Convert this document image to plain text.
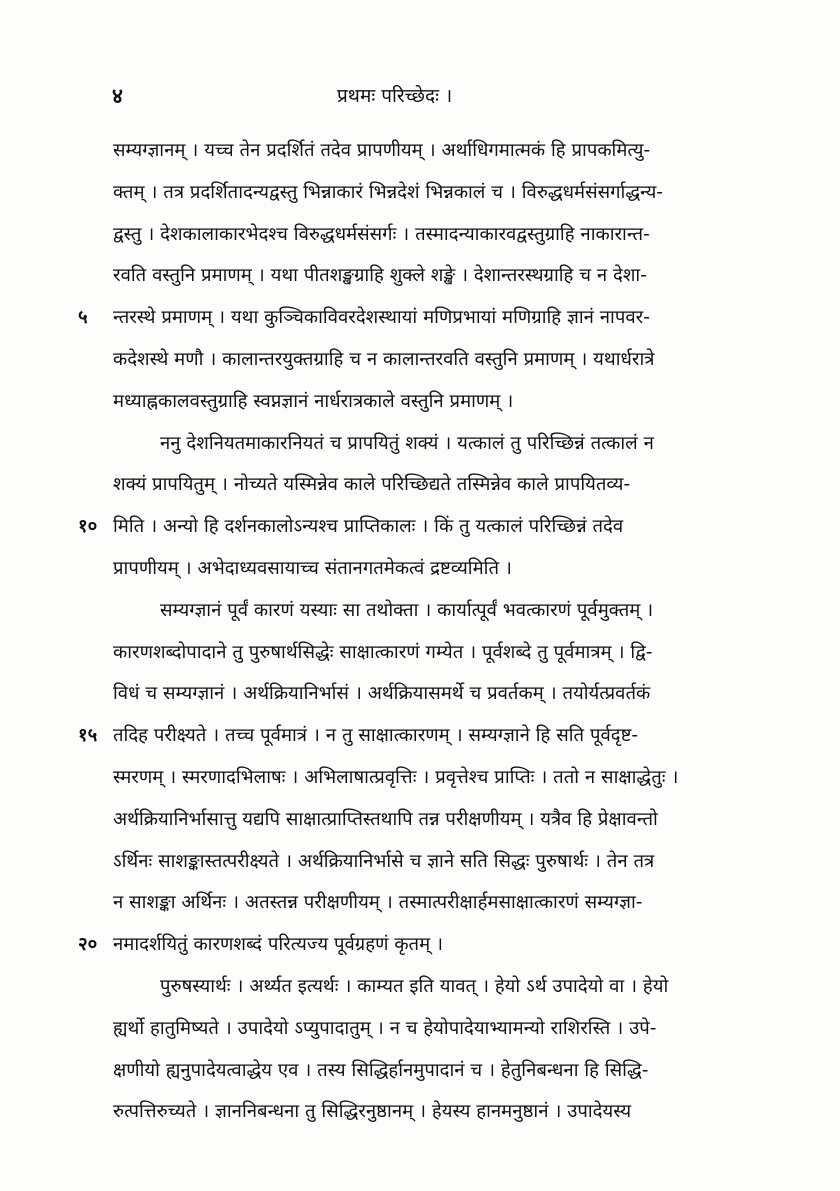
४	प्रथमः परिच्छेदः ।
सम्यग्ज्ञानम् । यच्च तेन प्रदर्शितं तदेव प्रापणीयम् । अर्थाधिगमात्मकं हि प्रापकमित्यु-
क्तम् । तत्र प्रदर्शितादन्यद्वस्तु भिन्नाकारं भिन्नदेशं भिन्नकालं च । विरुद्धधर्मसंसर्गाद्धन्य-
द्वस्तु । देशकालाकारभेदश्च विरुद्धधर्मसंसर्गः । तस्मादन्याकारवद्वस्तुग्राहि नाकारान्त-
रवति वस्तुनि प्रमाणम् । यथा पीतशङ्खग्राहि शुक्ले शङ्खे । देशान्तरस्थग्राहि च न देशा-
५	न्तरस्थे प्रमाणम् । यथा कुञ्चिकाविवरदेशस्थायां मणिप्रभायां मणिग्राहि ज्ञानं नापवर-
कदेशस्थे मणौ । कालान्तरयुक्तग्राहि च न कालान्तरवति वस्तुनि प्रमाणम् । यथार्धरात्रे
मध्याह्नकालवस्तुग्राहि स्वप्नज्ञानं नार्धरात्रकाले वस्तुनि प्रमाणम् ।
ननु देशनियतमाकारनियतं च प्रापयितुं शक्यं । यत्कालं तु परिच्छिन्नं तत्कालं न
शक्यं प्रापयितुम् । नोच्यते यस्मिन्नेव काले परिच्छिद्यते तस्मिन्नेव काले प्रापयितव्य-
१० मिति । अन्यो हि दर्शनकालोऽन्यश्च प्राप्तिकालः । किं तु यत्कालं परिच्छिन्नं तदेव
प्रापणीयम् । अभेदाध्यवसायाच्च संतानगतमेकत्वं द्रष्टव्यमिति ।
सम्यग्ज्ञानं पूर्वं कारणं यस्याः सा तथोक्ता । कार्यात्पूर्वं भवत्कारणं पूर्वमुक्तम् ।
कारणशब्दोपादाने तु पुरुषार्थसिद्धेः साक्षात्कारणं गम्येत । पूर्वशब्दे तु पूर्वमात्रम् । द्वि-
विधं च सम्यग्ज्ञानं । अर्थक्रियानिर्भासं । अर्थक्रियासमर्थे च प्रवर्तकम् । तयोर्यत्प्रवर्तकं
१५ तदिह परीक्ष्यते । तच्च पूर्वमात्रं । न तु साक्षात्कारणम् । सम्यग्ज्ञाने हि सति पूर्वदृष्ट-
स्मरणम् । स्मरणादभिलाषः । अभिलाषात्प्रवृत्तिः । प्रवृत्तेश्च प्राप्तिः । ततो न साक्षाद्धेतुः ।
अर्थक्रियानिर्भासात्तु यद्यपि साक्षात्प्राप्तिस्तथापि तन्न परीक्षणीयम् । यत्रैव हि प्रेक्षावन्तो
ऽर्थिनः साशङ्कास्तत्परीक्ष्यते । अर्थक्रियानिर्भासे च ज्ञाने सति सिद्धः पुरुषार्थः । तेन तत्र
न साशङ्का अर्थिनः । अतस्तन्न परीक्षणीयम् । तस्मात्परीक्षार्हमसाक्षात्कारणं सम्यग्ज्ञा-
२० नमादर्शयितुं कारणशब्दं परित्यज्य पूर्वग्रहणं कृतम् ।
पुरुषस्यार्थः । अर्थ्यत इत्यर्थः । काम्यत इति यावत् । हेयो ऽर्थ उपादेयो वा । हेयो
ह्यर्थो हातुमिष्यते । उपादेयो ऽप्युपादातुम् । न च हेयोपादेयाभ्यामन्यो राशिरस्ति । उपे-
क्षणीयो ह्यनुपादेयत्वाद्धेय एव । तस्य सिद्धिर्हानमुपादानं च । हेतुनिबन्धना हि सिद्धि-
रुत्पत्तिरुच्यते । ज्ञाननिबन्धना तु सिद्धिरनुष्ठानम् । हेयस्य हानमनुष्ठानं । उपादेयस्य
